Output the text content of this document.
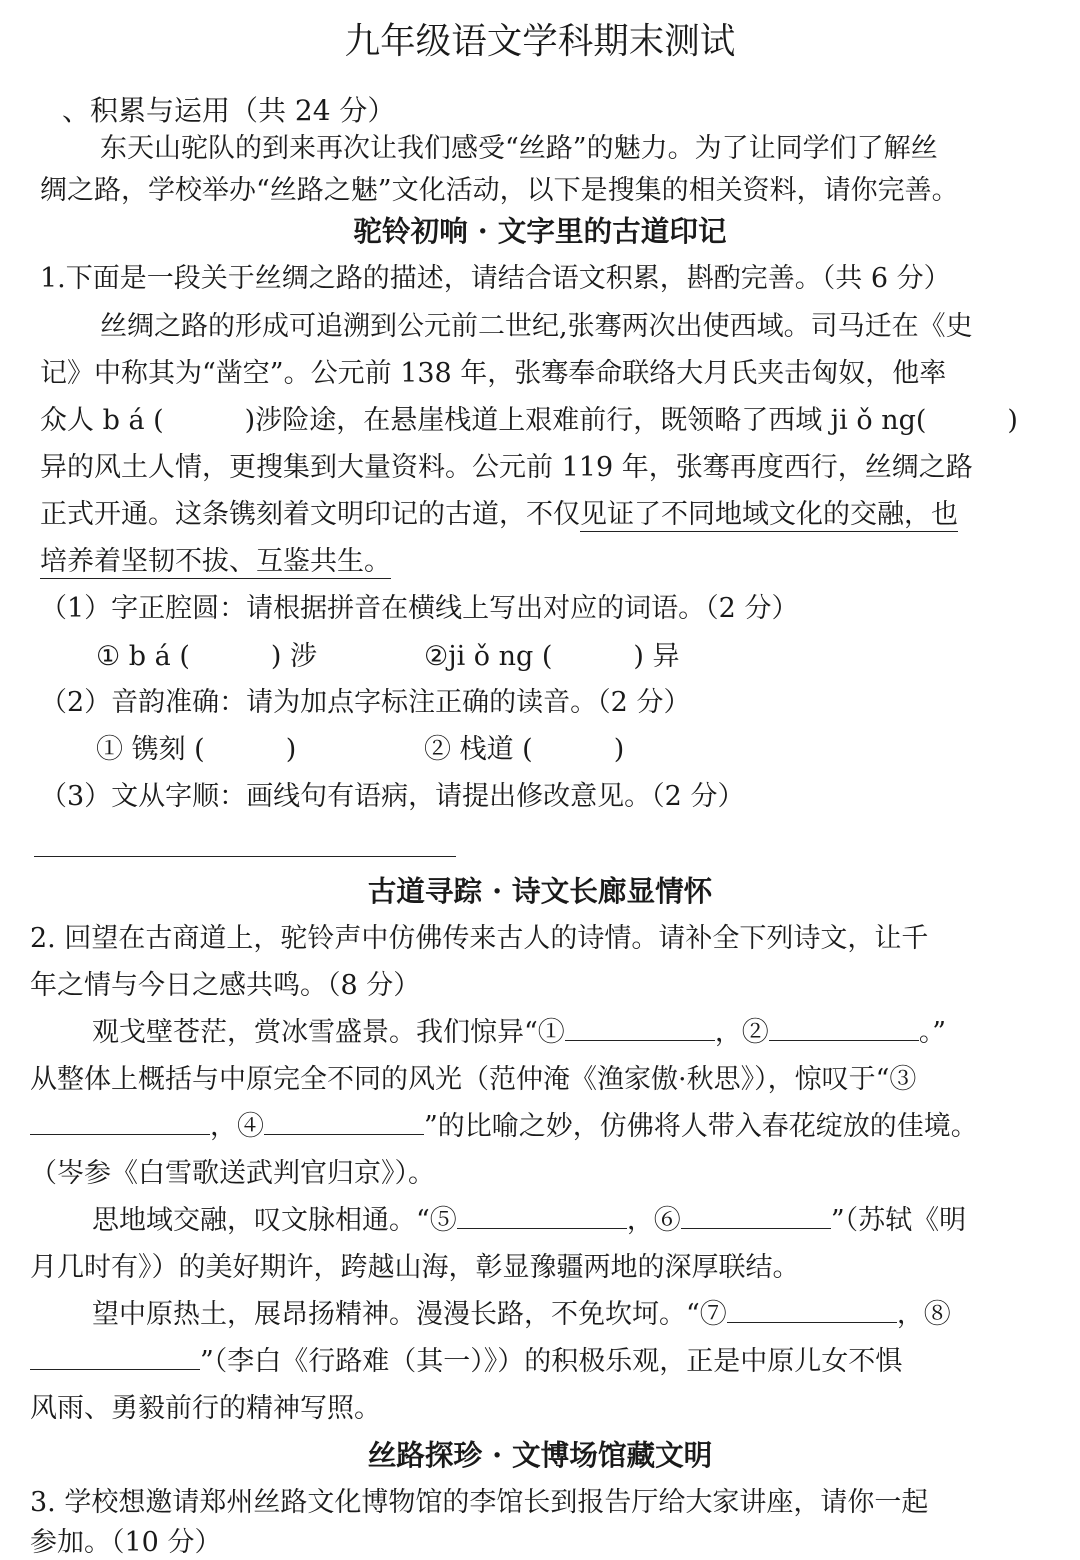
九年级语文学科期末测试
、积累与运用（共 24 分）
东天山驼队的到来再次让我们感受“丝路”的魅力。为了让同学们了解丝
绸之路，学校举办“丝路之魅”文化活动，以下是搜集的相关资料，请你完善。
驼铃初响 · 文字里的古道印记
1.下面是一段关于丝绸之路的描述，请结合语文积累，斟酌完善。（共 6 分）
丝绸之路的形成可追溯到公元前二世纪,张骞两次出使西域。司马迁在《史
记》中称其为“凿空”。公元前 138 年，张骞奉命联络大月氏夹击匈奴，他率
众人 b á (　　　)涉险途，在悬崖栈道上艰难前行，既领略了西域 ji ǒ ng(　　　)
异的风土人情，更搜集到大量资料。公元前 119 年，张骞再度西行，丝绸之路
正式开通。这条镌刻着文明印记的古道，不仅见证了不同地域文化的交融，也
培养着坚韧不拔、互鉴共生。
（1）字正腔圆：请根据拼音在横线上写出对应的词语。（2 分）
① b á (　　　) 涉	②ji ǒ ng (　　　) 异
（2）音韵准确：请为加点字标注正确的读音。（2 分）
① 镌刻 (　　　)	② 栈道 (　　　)
（3）文从字顺：画线句有语病，请提出修改意见。（2 分）
古道寻踪 · 诗文长廊显情怀
2. 回望在古商道上，驼铃声中仿佛传来古人的诗情。请补全下列诗文，让千
年之情与今日之感共鸣。（8 分）
观戈壁苍茫，赏冰雪盛景。我们惊异“①	，②	。”
从整体上概括与中原完全不同的风光（范仲淹《渔家傲·秋思》），惊叹于“③
，④	”的比喻之妙，仿佛将人带入春花绽放的佳境。
（岑参《白雪歌送武判官归京》）。
思地域交融，叹文脉相通。“⑤	，⑥	”（苏轼《明
月几时有》）的美好期许，跨越山海，彰显豫疆两地的深厚联结。
望中原热土，展昂扬精神。漫漫长路，不免坎坷。“⑦	，⑧
”（李白《行路难（其一）》）的积极乐观，正是中原儿女不惧
风雨、勇毅前行的精神写照。
丝路探珍 · 文博场馆藏文明
3. 学校想邀请郑州丝路文化博物馆的李馆长到报告厅给大家讲座，请你一起
参加。（10 分）
